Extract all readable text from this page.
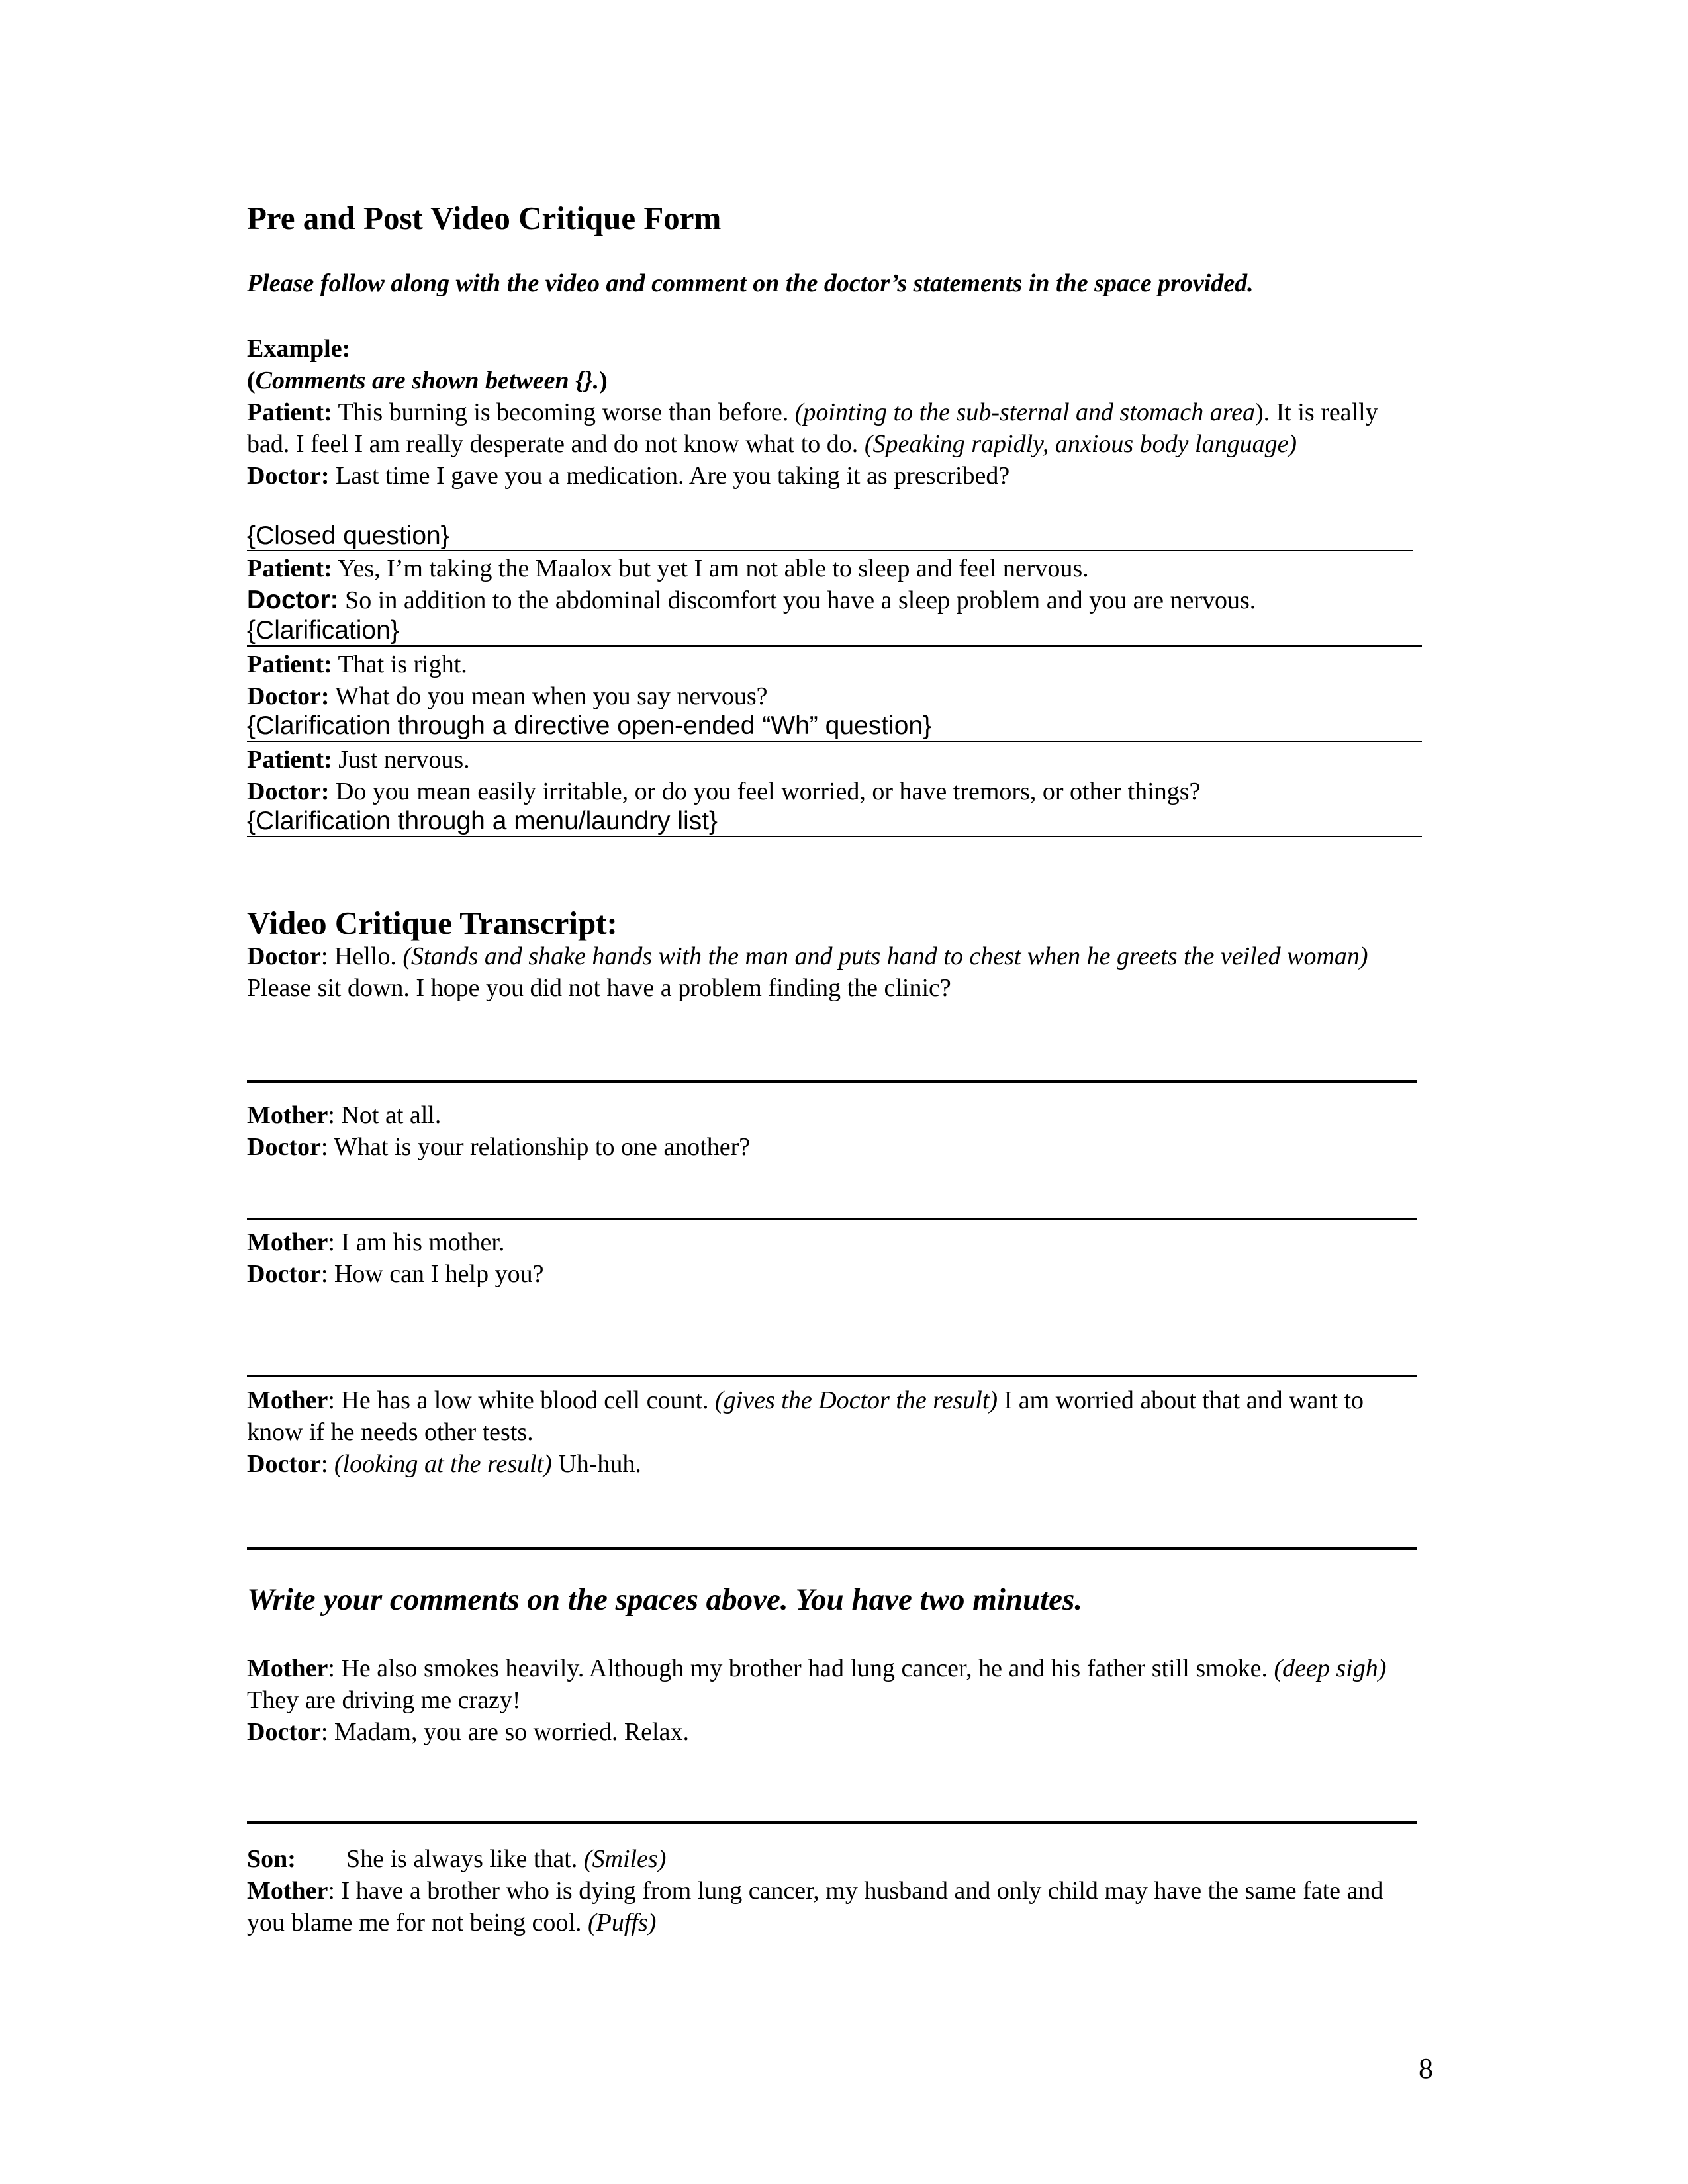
Pre and Post Video Critique Form
Please follow along with the video and comment on the doctor’s statements in the space provided.
Example:
(Comments are shown between {}.)
Patient: This burning is becoming worse than before. (pointing to the sub-sternal and stomach area). It is really bad. I feel I am really desperate and do not know what to do. (Speaking rapidly, anxious body language)
Doctor: Last time I gave you a medication. Are you taking it as prescribed?
{Closed question}
Patient: Yes, I’m taking the Maalox but yet I am not able to sleep and feel nervous.
Doctor: So in addition to the abdominal discomfort you have a sleep problem and you are nervous.
{Clarification}
Patient: That is right.
Doctor: What do you mean when you say nervous?
{Clarification through a directive open-ended “Wh” question}
Patient: Just nervous.
Doctor: Do you mean easily irritable, or do you feel worried, or have tremors, or other things?
{Clarification through a menu/laundry list}
Video Critique Transcript:
Doctor: Hello. (Stands and shake hands with the man and puts hand to chest when he greets the veiled woman) Please sit down. I hope you did not have a problem finding the clinic?
Mother: Not at all.
Doctor: What is your relationship to one another?
Mother: I am his mother.
Doctor: How can I help you?
Mother: He has a low white blood cell count. (gives the Doctor the result) I am worried about that and want to know if he needs other tests.
Doctor: (looking at the result) Uh-huh.
Write your comments on the spaces above. You have two minutes.
Mother: He also smokes heavily. Although my brother had lung cancer, he and his father still smoke. (deep sigh) They are driving me crazy!
Doctor: Madam, you are so worried. Relax.
Son: She is always like that. (Smiles)
Mother: I have a brother who is dying from lung cancer, my husband and only child may have the same fate and you blame me for not being cool. (Puffs)
8
